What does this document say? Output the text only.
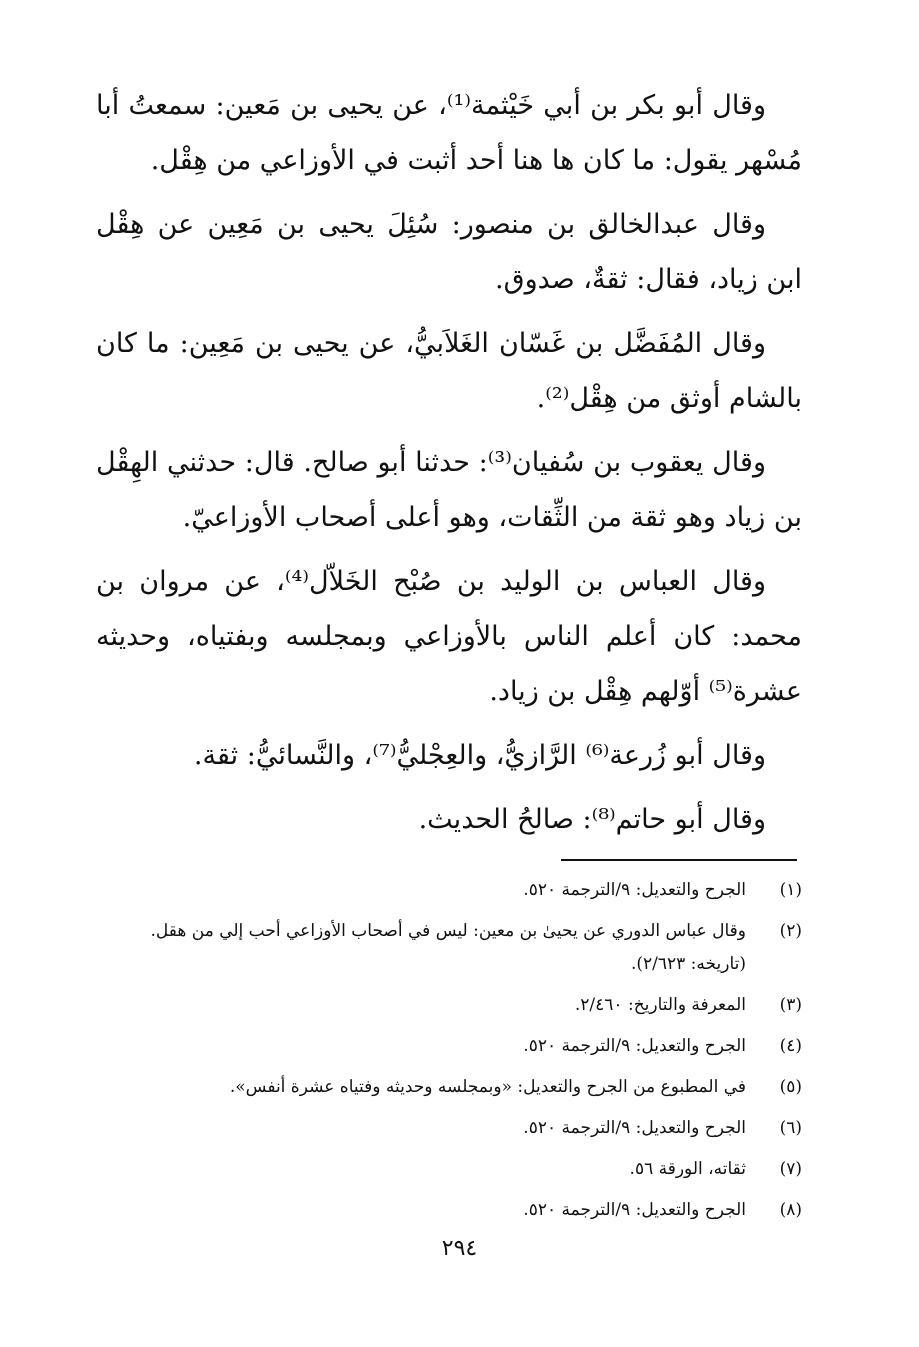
وقال أبو بكر بن أبي خَيْثمة⁽¹⁾، عن يحيى بن مَعين: سمعتُ أبا مُسْهر يقول: ما كان ها هنا أحد أثبت في الأوزاعي من هِقْل.

وقال عبدالخالق بن منصور: سُئِلَ يحيى بن مَعِين عن هِقْل ابن زياد، فقال: ثقةٌ، صدوق.

وقال المُفَضَّل بن غَسّان الغَلاَبيُّ، عن يحيى بن مَعِين: ما كان بالشام أوثق من هِقْل⁽²⁾.

وقال يعقوب بن سُفيان⁽³⁾: حدثنا أبو صالح. قال: حدثني الهِقْل بن زياد وهو ثقة من الثِّقات، وهو أعلى أصحاب الأوزاعيّ.

وقال العباس بن الوليد بن صُبْح الخَلاّل⁽⁴⁾، عن مروان بن محمد: كان أعلم الناس بالأوزاعي وبمجلسه وبفتياه، وحديثه عشرة⁽⁵⁾ أوّلهم هِقْل بن زياد.

وقال أبو زُرعة⁽⁶⁾ الرَّازيُّ، والعِجْليُّ⁽⁷⁾، والنَّسائيُّ: ثقة.

وقال أبو حاتم⁽⁸⁾: صالحُ الحديث.

(١)
الجرح والتعديل: ٩/الترجمة ٥٢٠.
(٢)
وقال عباس الدوري عن يحيىٰ بن معين: ليس في أصحاب الأوزاعي أحب إلي من هقل. (تاريخه: ٢/٦٢٣).
(٣)
المعرفة والتاريخ: ٢/٤٦٠.
(٤)
الجرح والتعديل: ٩/الترجمة ٥٢٠.
(٥)
في المطبوع من الجرح والتعديل: «وبمجلسه وحديثه وفتياه عشرة أنفس».
(٦)
الجرح والتعديل: ٩/الترجمة ٥٢٠.
(٧)
ثقاته، الورقة ٥٦.
(٨)
الجرح والتعديل: ٩/الترجمة ٥٢٠.
٢٩٤
